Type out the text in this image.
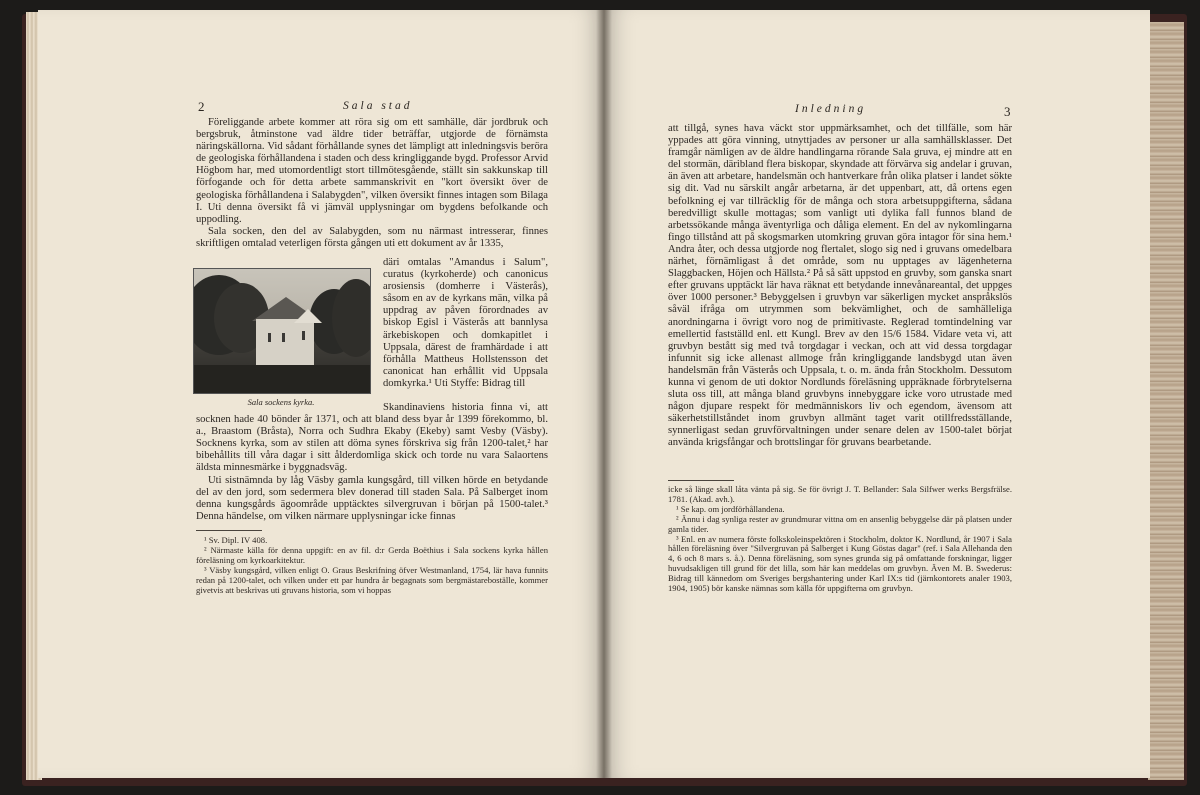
2	Sala stad

Föreliggande arbete kommer att röra sig om ett samhälle, där jordbruk och bergsbruk, åtminstone vad äldre tider beträffar, utgjorde de förnämsta näringskällorna. Vid sådant förhållande synes det lämpligt att inledningsvis beröra de geologiska förhållandena i staden och dess kringliggande bygd. Professor Arvid Högbom har, med utomordentligt stort tillmötesgående, ställt sin sakkunskap till förfogande och för detta arbete sammanskrivit en "kort översikt över de geologiska förhållandena i Salabygden", vilken översikt finnes intagen som Bilaga I. Uti denna översikt få vi jämväl upplysningar om bygdens befolkande och uppodling.

Sala socken, den del av Salabygden, som nu närmast intresserar, finnes skriftligen omtalad veterligen första gången uti ett dokument av år 1335,

Sala sockens kyrka.

däri omtalas "Amandus i Salum", curatus (kyrkoherde) och canonicus arosiensis (domherre i Västerås), såsom en av de kyrkans män, vilka på uppdrag av påven förordnades av biskop Egisl i Västerås att bannlysa ärkebiskopen och domkapitlet i Uppsala, därest de framhärdade i att förhålla Mattheus Hollstensson det canonicat han erhållit vid Uppsala domkyrka.¹ Uti Styffe: Bidrag till

Skandinaviens historia finna vi, att socknen hade 40 bönder år 1371, och att bland dess byar år 1399 förekommo, bl. a., Braastom (Bråsta), Norra och Sudhra Ekaby (Ekeby) samt Vesby (Väsby). Socknens kyrka, som av stilen att döma synes förskriva sig från 1200-talet,² har bibehållits till våra dagar i sitt ålderdomliga skick och torde nu vara Salaortens äldsta minnesmärke i byggnadsväg.

Uti sistnämnda by låg Väsby gamla kungsgård, till vilken hörde en betydande del av den jord, som sedermera blev donerad till staden Sala. På Salberget inom denna kungsgårds ägoområde upptäcktes silvergruvan i början på 1500-talet.³ Denna händelse, om vilken närmare upplysningar icke finnas

¹ Sv. Dipl. IV 408.

² Närmaste källa för denna uppgift: en av fil. d:r Gerda Boëthius i Sala sockens kyrka hållen föreläsning om kyrkoarkitektur.

³ Väsby kungsgård, vilken enligt O. Graus Beskrifning öfver Westmanland, 1754, lär hava funnits redan på 1200-talet, och vilken under ett par hundra år begagnats som bergmästareboställe, kommer givetvis att beskrivas uti gruvans historia, som vi hoppas

Inledning	3

att tillgå, synes hava väckt stor uppmärksamhet, och det tillfälle, som här yppades att göra vinning, utnyttjades av personer ur alla samhällsklasser. Det framgår nämligen av de äldre handlingarna rörande Sala gruva, ej mindre att en del stormän, däribland flera biskopar, skyndade att förvärva sig andelar i gruvan, än även att arbetare, handelsmän och hantverkare från olika platser i landet sökte sig dit. Vad nu särskilt angår arbetarna, är det uppenbart, att, då ortens egen befolkning ej var tillräcklig för de många och stora arbetsuppgifterna, sådana beredvilligt skulle mottagas; som vanligt uti dylika fall funnos bland de arbetssökande många äventyrliga och dåliga element. En del av nykomlingarna fingo tillstånd att på skogsmarken utomkring gruvan göra intagor för sina hem.¹ Andra åter, och dessa utgjorde nog flertalet, slogo sig ned i gruvans omedelbara närhet, förnämligast å det område, som nu upptages av lägenheterna Slaggbacken, Höjen och Hällsta.² På så sätt uppstod en gruvby, som ganska snart efter gruvans upptäckt lär hava räknat ett betydande innevånareantal, det uppges över 1000 personer.³ Bebyggelsen i gruvbyn var säkerligen mycket anspråkslös såväl ifråga om utrymmen som bekvämlighet, och de samhälleliga anordningarna i övrigt voro nog de primitivaste. Reglerad tomtindelning var emellertid fastställd enl. ett Kungl. Brev av den 15/6 1584. Vidare veta vi, att gruvbyn bestått sig med två torgdagar i veckan, och att vid dessa torgdagar infunnit sig icke allenast allmoge från kringliggande landsbygd utan även handelsmän från Västerås och Uppsala, t. o. m. ända från Stockholm. Dessutom kunna vi genom de uti doktor Nordlunds föreläsning uppräknade förbrytelserna sluta oss till, att många bland gruvbyns innebyggare icke voro utrustade med någon djupare respekt för medmänniskors liv och egendom, ävensom att säkerhetstillståndet inom gruvbyn allmänt taget varit otillfredsställande, synnerligast sedan gruvförvaltningen under senare delen av 1500-talet börjat använda krigsfångar och brottslingar för gruvans bearbetande.

icke så länge skall låta vänta på sig. Se för övrigt J. T. Bellander: Sala Silfwer werks Bergsfrälse. 1781. (Akad. avh.).

¹ Se kap. om jordförhållandena.

² Ännu i dag synliga rester av grundmurar vittna om en ansenlig bebyggelse där på platsen under gamla tider.

³ Enl. en av numera förste folkskoleinspektören i Stockholm, doktor K. Nordlund, år 1907 i Sala hållen föreläsning över "Silvergruvan på Salberget i Kung Göstas dagar" (ref. i Sala Allehanda den 4, 6 och 8 mars s. å.). Denna föreläsning, som synes grunda sig på omfattande forskningar, ligger huvudsakligen till grund för det lilla, som här kan meddelas om gruvbyn. Även M. B. Swederus: Bidrag till kännedom om Sveriges bergshantering under Karl IX:s tid (järnkontorets analer 1903, 1904, 1905) bör kanske nämnas som källa för uppgifterna om gruvbyn.
